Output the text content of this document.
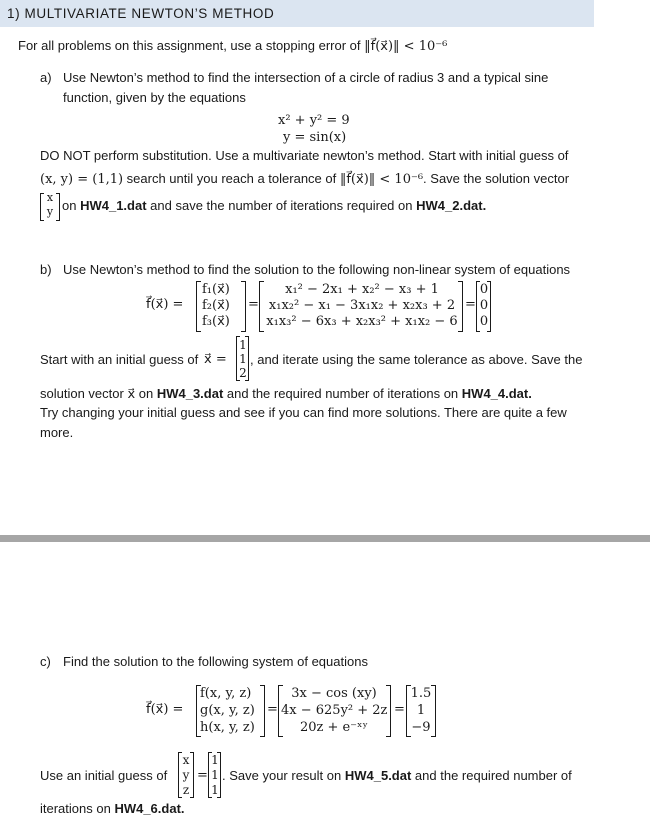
1) MULTIVARIATE NEWTON’S METHOD
For all problems on this assignment, use a stopping error of ‖f⃗(x⃗)‖ < 10⁻⁶
a) Use Newton’s method to find the intersection of a circle of radius 3 and a typical sine
function, given by the equations
x² + y² = 9
y = sin(x)
DO NOT perform substitution. Use a multivariate newton’s method. Start with initial guess of
(x, y) = (1,1) search until you reach a tolerance of ‖f⃗(x⃗)‖ < 10⁻⁶. Save the solution vector
x
y on HW4_1.dat and save the number of iterations required on HW4_2.dat.
b) Use Newton’s method to find the solution to the following non-linear system of equations
f⃗(x⃗) =
f₁(x⃗)
f₂(x⃗)
f₃(x⃗)
=
x₁² − 2x₁ + x₂² − x₃ + 1
x₁x₂² − x₁ − 3x₁x₂ + x₂x₃ + 2
x₁x₃² − 6x₃ + x₂x₃² + x₁x₂ − 6
=
0
0
0
Start with an initial guess of x⃗ =
1
1
2
, and iterate using the same tolerance as above. Save the
solution vector x⃗ on HW4_3.dat and the required number of iterations on HW4_4.dat.
Try changing your initial guess and see if you can find more solutions. There are quite a few
more.
c) Find the solution to the following system of equations
f⃗(x⃗) =
f(x, y, z)
g(x, y, z)
h(x, y, z)
=
3x − cos (xy)
4x − 625y² + 2z
20z + e⁻ˣʸ
=
1.5
1
−9
Use an initial guess of
x
y
z
=
1
1
1
. Save your result on HW4_5.dat and the required number of
iterations on HW4_6.dat.
